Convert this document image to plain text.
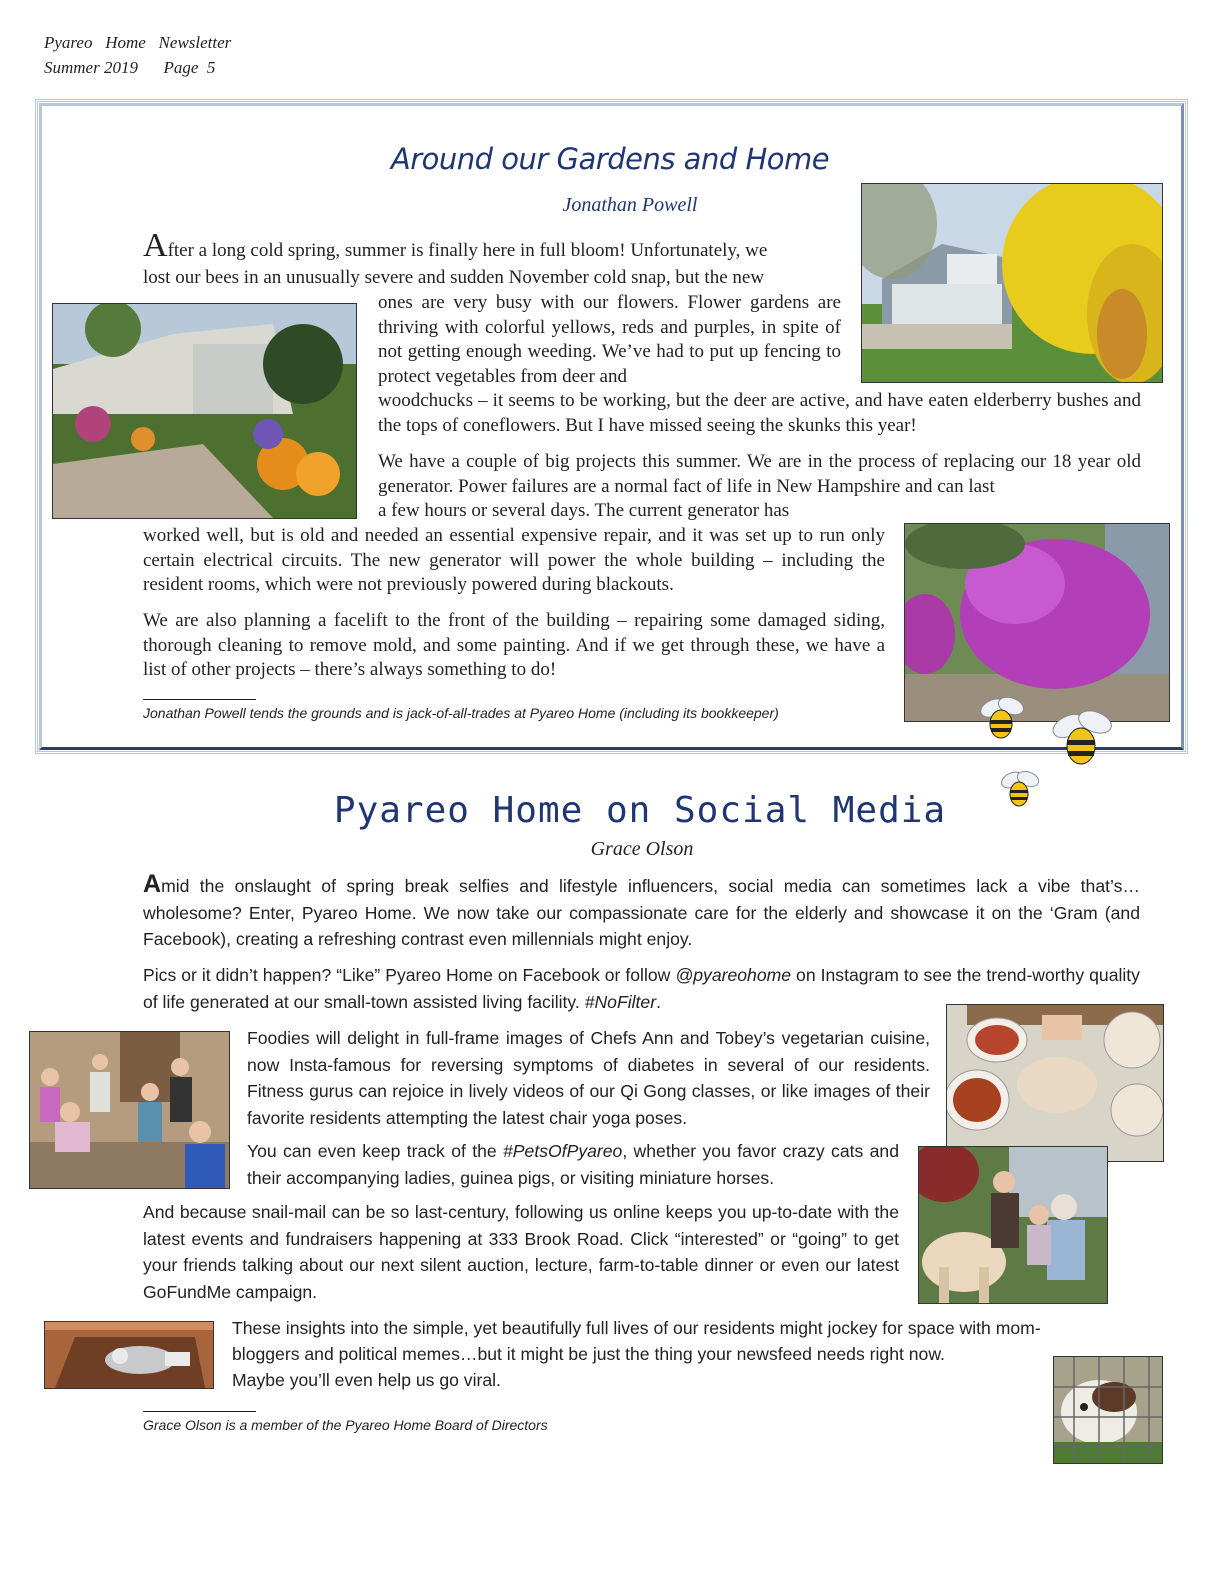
Pyareo   Home   Newsletter
Summer 2019      Page  5
Around our Gardens and Home
Jonathan Powell
After a long cold spring, summer is finally here in full bloom! Unfortunately, we
lost our bees in an unusually severe and sudden November cold snap, but the new
ones are very busy with our flowers. Flower gardens are thriving with colorful yellows, reds and purples, in spite of not getting enough weeding. We’ve had to put up fencing to protect vegetables from deer and
woodchucks – it seems to be working, but the deer are active, and have eaten elderberry bushes and the tops of coneflowers. But I have missed seeing the skunks this year!
We have a couple of big projects this summer. We are in the process of replacing our 18 year old generator. Power failures are a normal fact of life in New Hampshire and can last
a few hours or several days. The current generator has
worked well, but is old and needed an essential expensive repair, and it was set up to run only certain electrical circuits. The new generator will power the whole building – including the resident rooms, which were not previously powered during blackouts.
We are also planning a facelift to the front of the building – repairing some damaged siding, thorough cleaning to remove mold, and some painting. And if we get through these, we have a list of other projects – there’s always something to do!
Jonathan Powell tends the grounds and is jack-of-all-trades at Pyareo Home (including its bookkeeper)
Pyareo Home on Social Media
Grace Olson
Amid the onslaught of spring break selfies and lifestyle influencers, social media can sometimes lack a vibe that’s…wholesome? Enter, Pyareo Home. We now take our compassionate care for the elderly and showcase it on the ‘Gram (and Facebook), creating a refreshing contrast even millennials might enjoy.
Pics or it didn’t happen? “Like” Pyareo Home on Facebook or follow @pyareohome on Instagram to see the trend-worthy quality of life generated at our small-town assisted living facility. #NoFilter.
Foodies will delight in full-frame images of Chefs Ann and Tobey’s vegetarian cuisine, now Insta-famous for reversing symptoms of diabetes in several of our residents. Fitness gurus can rejoice in lively videos of our Qi Gong classes, or like images of their favorite residents attempting the latest chair yoga poses.
You can even keep track of the #PetsOfPyareo, whether you favor crazy cats and their accompanying ladies, guinea pigs, or visiting miniature horses.
And because snail-mail can be so last-century, following us online keeps you up-to-date with the latest events and fundraisers happening at 333 Brook Road. Click “interested” or “going” to get your friends talking about our next silent auction, lecture, farm-to-table dinner or even our latest GoFundMe campaign.
These insights into the simple, yet beautifully full lives of our residents might jockey for space with mom-
bloggers and political memes…but it might be just the thing your newsfeed needs right now.
Maybe you’ll even help us go viral.
Grace Olson is a member of the Pyareo Home Board of Directors
